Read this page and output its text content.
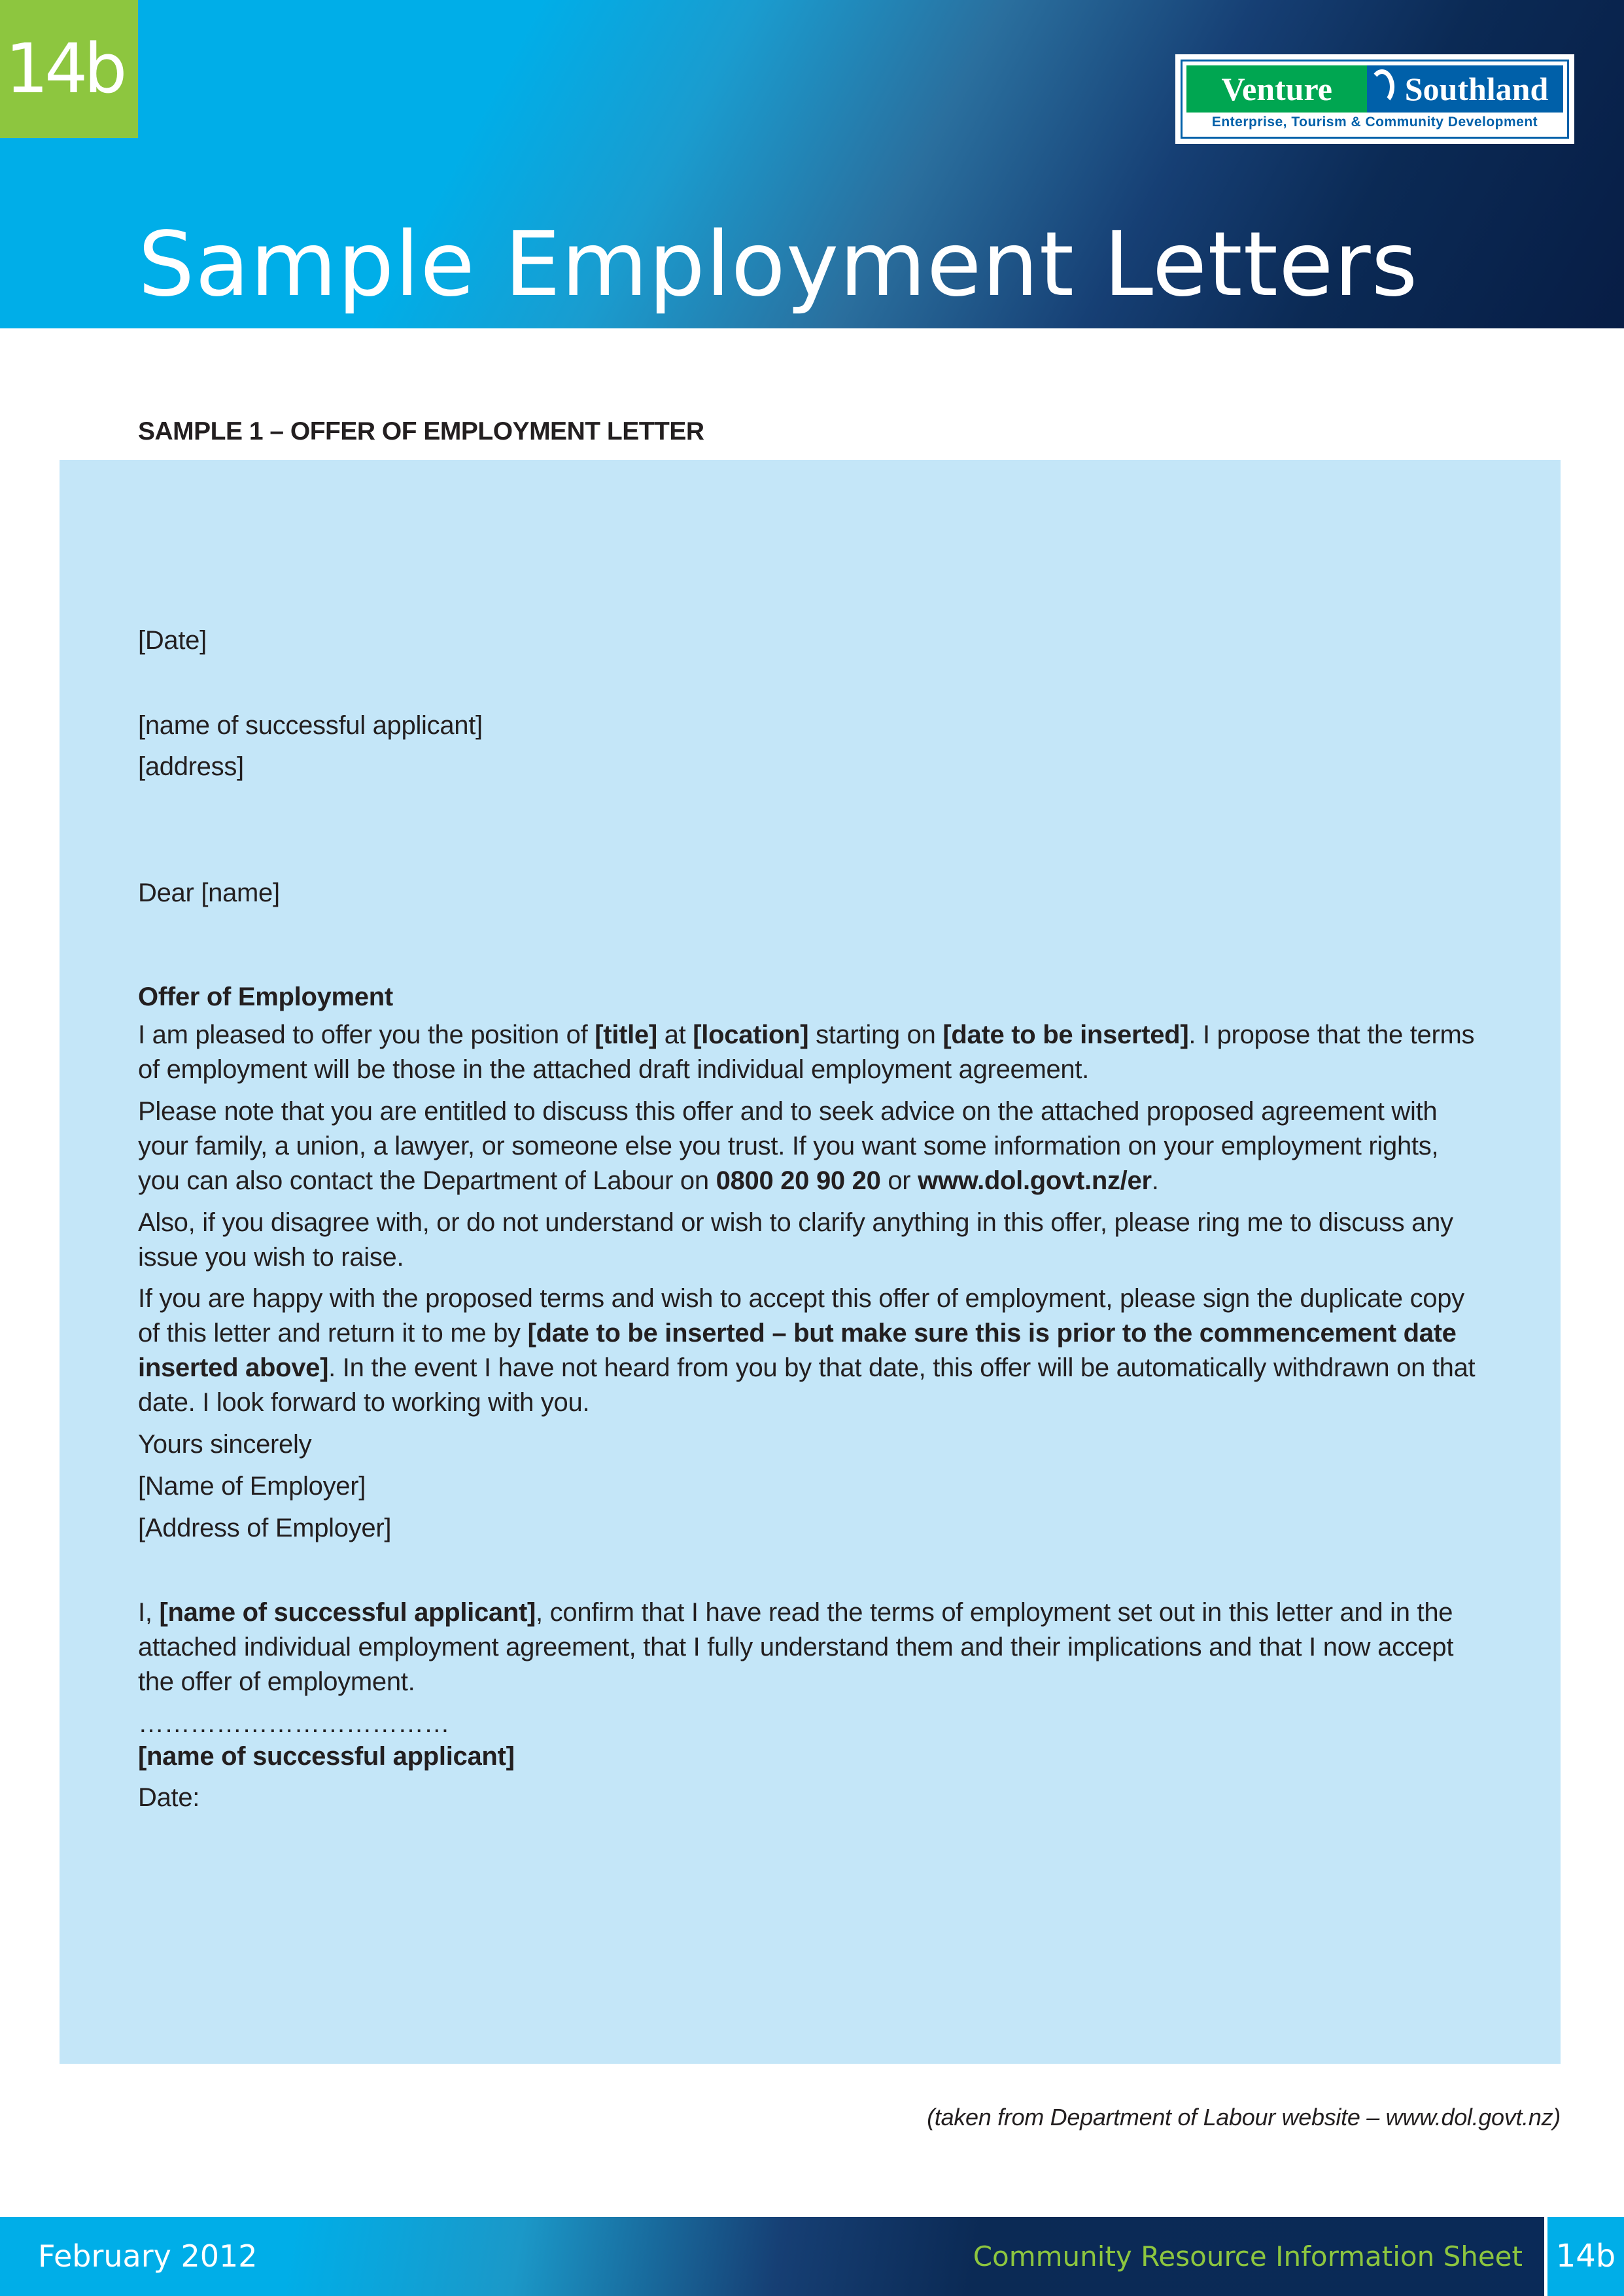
14b	Venture	Southland
Enterprise, Tourism & Community Development
Sample Employment Letters
SAMPLE 1 – OFFER OF EMPLOYMENT LETTER

[Date]

[name of successful applicant]

[address]

Dear [name]

Offer of Employment

I am pleased to offer you the position of [title] at [location] starting on [date to be inserted]. I propose that the terms of employment will be those in the attached draft individual employment agreement.

Please note that you are entitled to discuss this offer and to seek advice on the attached proposed agreement with your family, a union, a lawyer, or someone else you trust. If you want some information on your employment rights, you can also contact the Department of Labour on 0800 20 90 20 or www.dol.govt.nz/er.

Also, if you disagree with, or do not understand or wish to clarify anything in this offer, please ring me to discuss any issue you wish to raise.

If you are happy with the proposed terms and wish to accept this offer of employment, please sign the duplicate copy of this letter and return it to me by [date to be inserted – but make sure this is prior to the commencement date inserted above]. In the event I have not heard from you by that date, this offer will be automatically withdrawn on that date. I look forward to working with you.

Yours sincerely

[Name of Employer]

[Address of Employer]

I, [name of successful applicant], confirm that I have read the terms of employment set out in this letter and in the attached individual employment agreement, that I fully understand them and their implications and that I now accept the offer of employment.

………………………………

[name of successful applicant]

Date:

(taken from Department of Labour website – www.dol.govt.nz)
February 2012	Community Resource Information Sheet	14b
